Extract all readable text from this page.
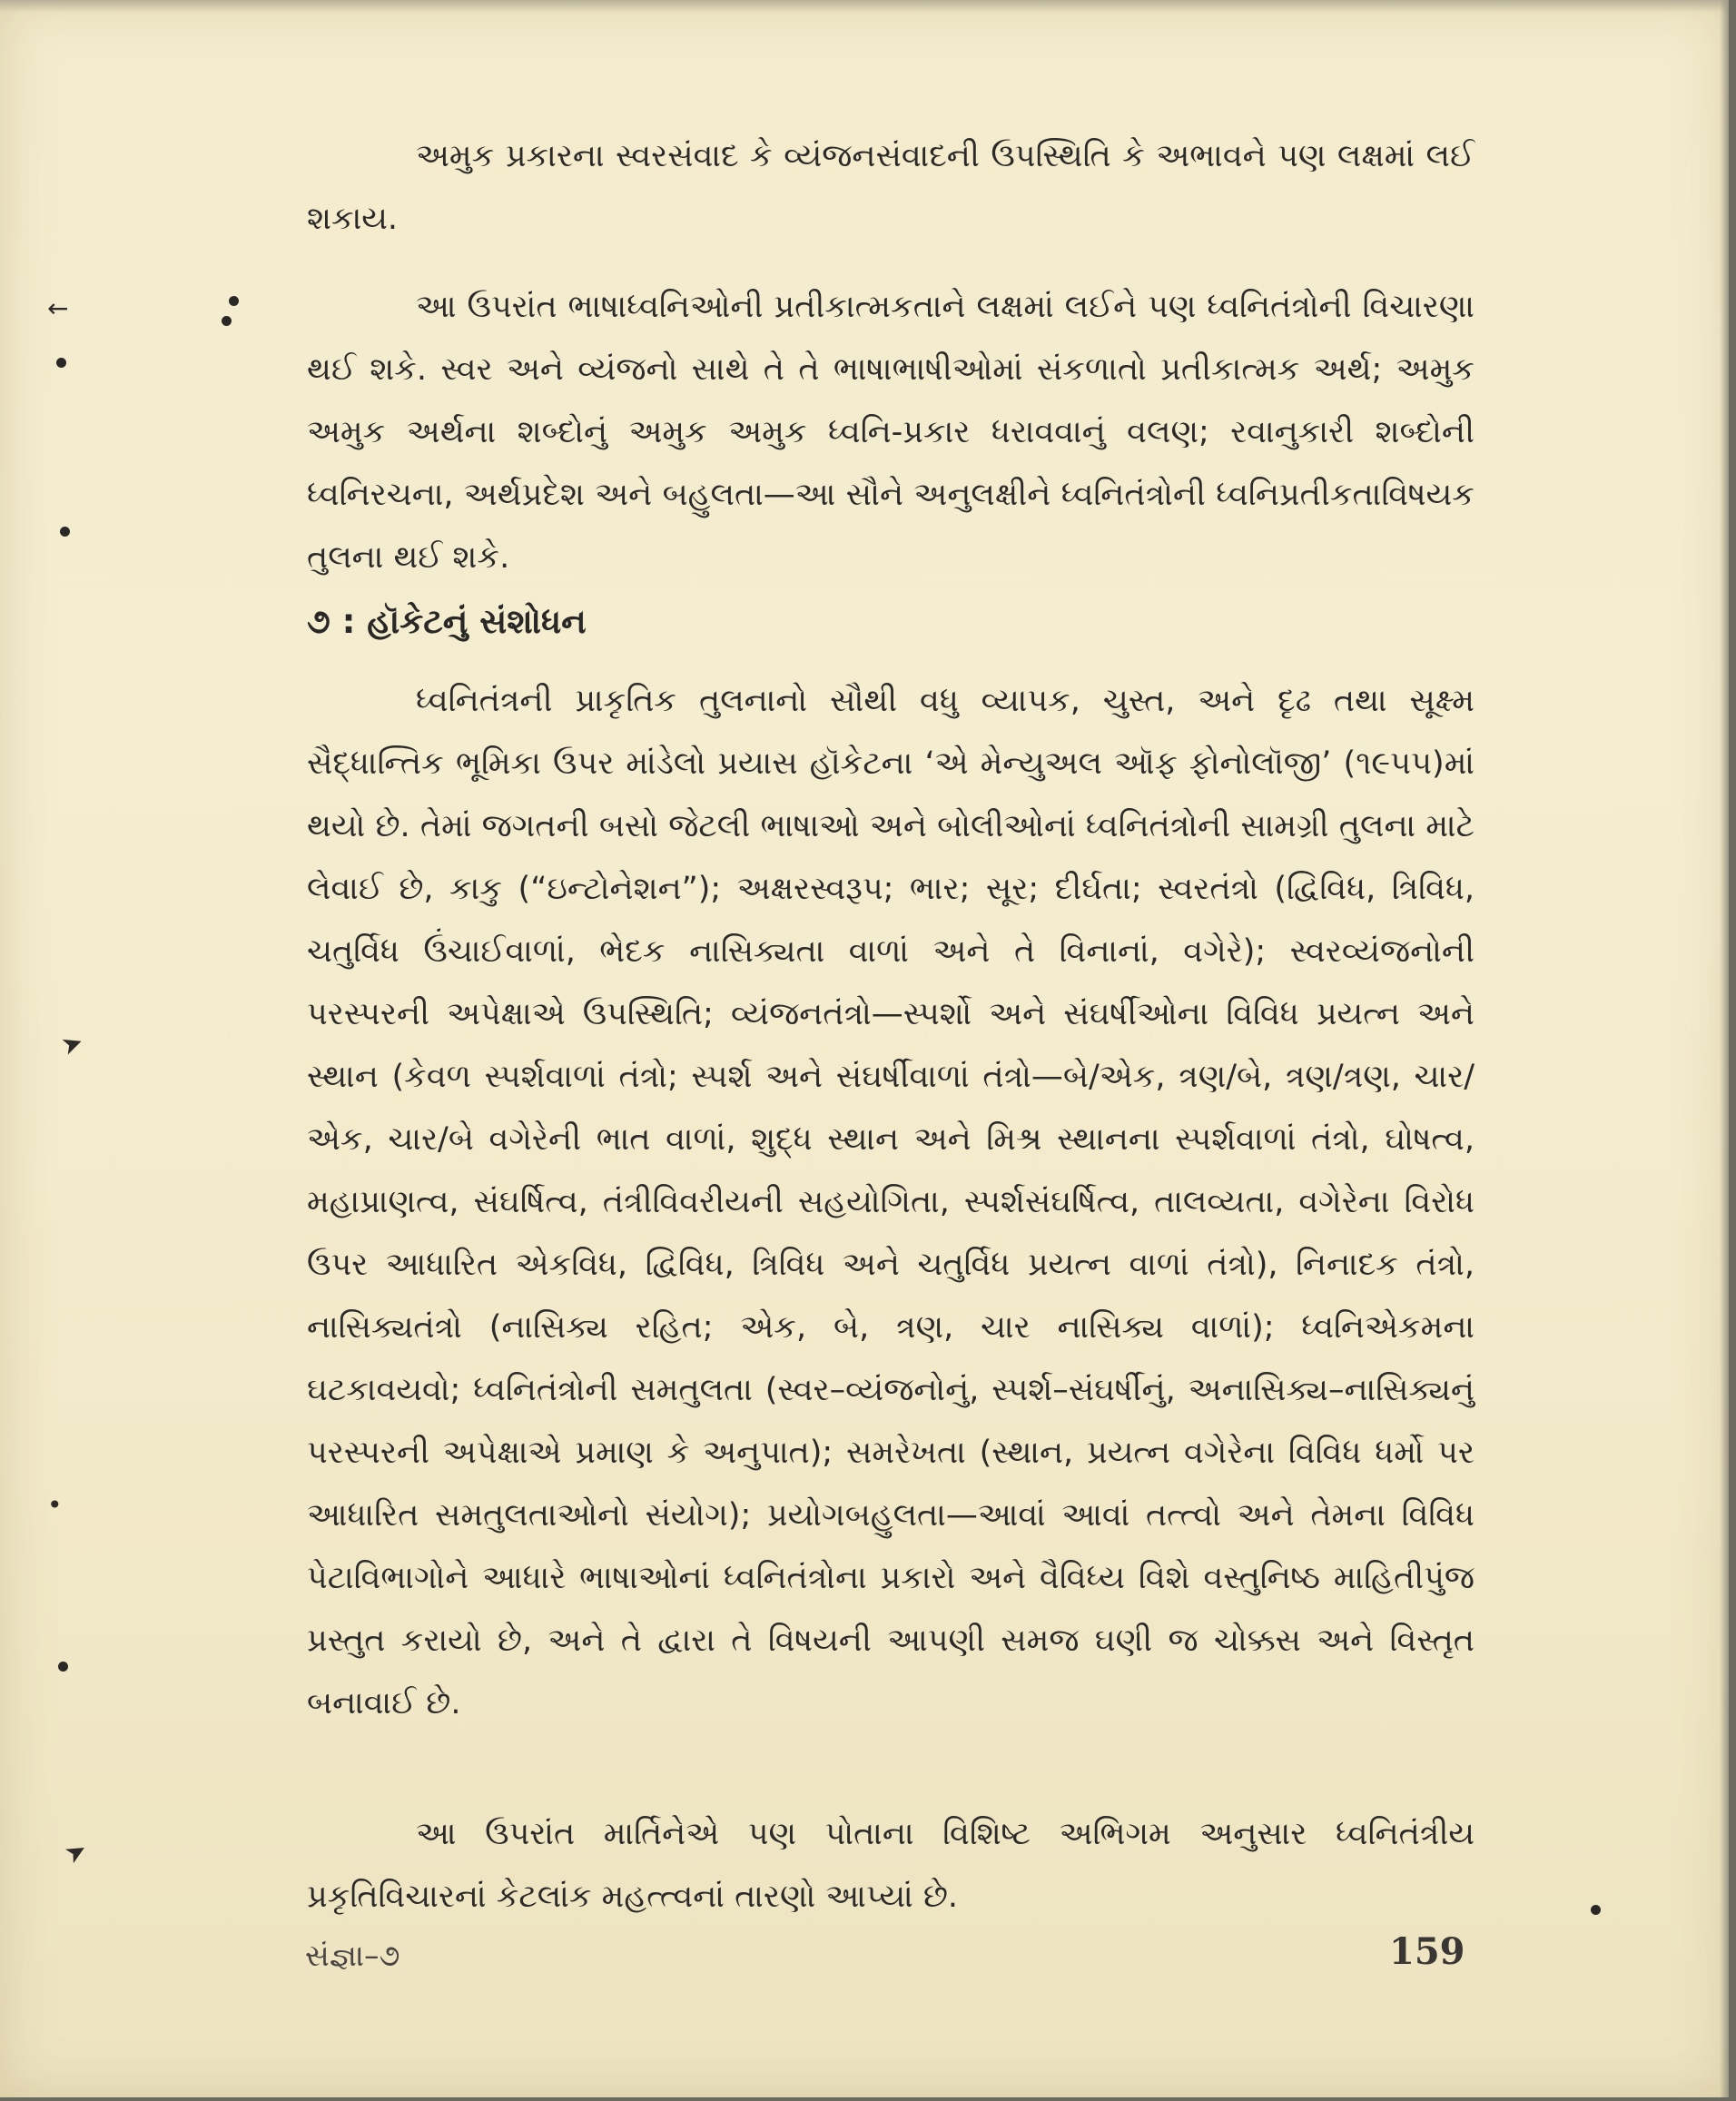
અમુક પ્રકારના સ્વરસંવાદ કે વ્યંજનસંવાદની ઉપસ્થિતિ કે અભાવને પણ લક્ષમાં લઈ શકાય.

આ ઉપરાંત ભાષાધ્વનિઓની પ્રતીકાત્મકતાને લક્ષમાં લઈને પણ ધ્વનિતંત્રોની વિચારણા થઈ શકે. સ્વર અને વ્યંજનો સાથે તે તે ભાષાભાષીઓમાં સંકળાતો પ્રતીકાત્મક અર્થ; અમુક અમુક અર્થના શબ્દોનું અમુક અમુક ધ્વનિ-પ્રકાર ધરાવવાનું વલણ; રવાનુકારી શબ્દોની ધ્વનિરચના, અર્થપ્રદેશ અને બહુલતા—આ સૌને અનુલક્ષીને ધ્વનિતંત્રોની ધ્વનિપ્રતીકતાવિષયક તુલના થઈ શકે.

૭ : હૉકેટનું સંશોધન

ધ્વનિતંત્રની પ્રાકૃતિક તુલનાનો સૌથી વધુ વ્યાપક, ચુસ્ત, અને દૃઢ તથા સૂક્ષ્મ સૈદ્ધાન્તિક ભૂમિકા ઉપર માંડેલો પ્રયાસ હૉકેટના ‘એ મેન્યુઅલ ઑફ ફોનોલૉજી’ (૧૯૫૫)માં થયો છે. તેમાં જગતની બસો જેટલી ભાષાઓ અને બોલીઓનાં ધ્વનિતંત્રોની સામગ્રી તુલના માટે લેવાઈ છે, કાકુ (“ઇન્ટોનેશન”); અક્ષરસ્વરૂપ; ભાર; સૂર; દીર્ઘતા; સ્વરતંત્રો (દ્વિવિધ, ત્રિવિધ, ચતુર્વિધ ઉંચાઈવાળાં, ભેદક નાસિક્યતા વાળાં અને તે વિનાનાં, વગેરે); સ્વરવ્યંજનોની પરસ્પરની અપેક્ષાએ ઉપસ્થિતિ; વ્યંજનતંત્રો—સ્પર્શો અને સંઘર્ષીઓના વિવિધ પ્રયત્ન અને સ્થાન (કેવળ સ્પર્શવાળાં તંત્રો; સ્પર્શ અને સંઘર્ષીવાળાં તંત્રો—બે/એક, ત્રણ/બે, ત્રણ/ત્રણ, ચાર/એક, ચાર/બે વગેરેની ભાત વાળાં, શુદ્ધ સ્થાન અને મિશ્ર સ્થાનના સ્પર્શવાળાં તંત્રો, ઘોષત્વ, મહાપ્રાણત્વ, સંઘર્ષિત્વ, તંત્રીવિવરીયની સહયોગિતા, સ્પર્શસંઘર્ષિત્વ, તાલવ્યતા, વગેરેના વિરોધ ઉપર આધારિત એકવિધ, દ્વિવિધ, ત્રિવિધ અને ચતુર્વિધ પ્રયત્ન વાળાં તંત્રો), નિનાદક તંત્રો, નાસિક્યતંત્રો (નાસિક્ય રહિત; એક, બે, ત્રણ, ચાર નાસિક્ય વાળાં); ધ્વનિએકમના ઘટકાવયવો; ધ્વનિતંત્રોની સમતુલતા (સ્વર–વ્યંજનોનું, સ્પર્શ–સંઘર્ષીનું, અનાસિક્ય–નાસિક્યનું પરસ્પરની અપેક્ષાએ પ્રમાણ કે અનુપાત); સમરેખતા (સ્થાન, પ્રયત્ન વગેરેના વિવિધ ધર્મો પર આધારિત સમતુલતાઓનો સંયોગ); પ્રયોગબહુલતા—આવાં આવાં તત્ત્વો અને તેમના વિવિધ પેટાવિભાગોને આધારે ભાષાઓનાં ધ્વનિતંત્રોના પ્રકારો અને વૈવિધ્ય વિશે વસ્તુનિષ્ઠ માહિતીપુંજ પ્રસ્તુત કરાયો છે, અને તે દ્વારા તે વિષયની આપણી સમજ ઘણી જ ચોક્કસ અને વિસ્તૃત બનાવાઈ છે.

આ ઉપરાંત માર્તિનેએ પણ પોતાના વિશિષ્ટ અભિગમ અનુસાર ધ્વનિતંત્રીય પ્રકૃતિવિચારનાં કેટલાંક મહત્ત્વનાં તારણો આપ્યાં છે.

સંજ્ઞા–૭	159

←
➤
•
➤
